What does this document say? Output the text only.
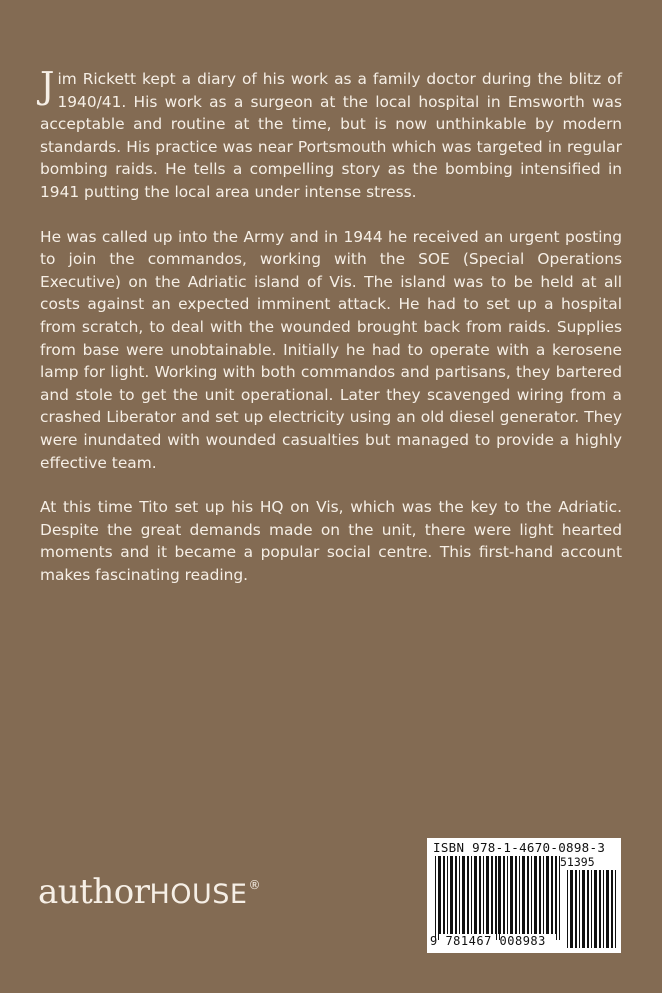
Jim Rickett kept a diary of his work as a family doctor during the blitz of 1940/41. His work as a surgeon at the local hospital in Emsworth was acceptable and routine at the time, but is now unthinkable by modern standards. His practice was near Portsmouth which was targeted in regular bombing raids. He tells a compelling story as the bombing intensified in 1941 putting the local area under intense stress.

He was called up into the Army and in 1944 he received an urgent posting to join the commandos, working with the SOE (Special Operations Executive) on the Adriatic island of Vis. The island was to be held at all costs against an expected imminent attack. He had to set up a hospital from scratch, to deal with the wounded brought back from raids. Supplies from base were unobtainable. Initially he had to operate with a kerosene lamp for light. Working with both commandos and partisans, they bartered and stole to get the unit operational. Later they scavenged wiring from a crashed Liberator and set up electricity using an old diesel generator. They were inundated with wounded casualties but managed to provide a highly effective team.

At this time Tito set up his HQ on Vis, which was the key to the Adriatic. Despite the great demands made on the unit, there were light hearted moments and it became a popular social centre. This first-hand account makes fascinating reading.

authorHOUSE®
ISBN 978-1-4670-0898-3
51395
9 781467 008983
